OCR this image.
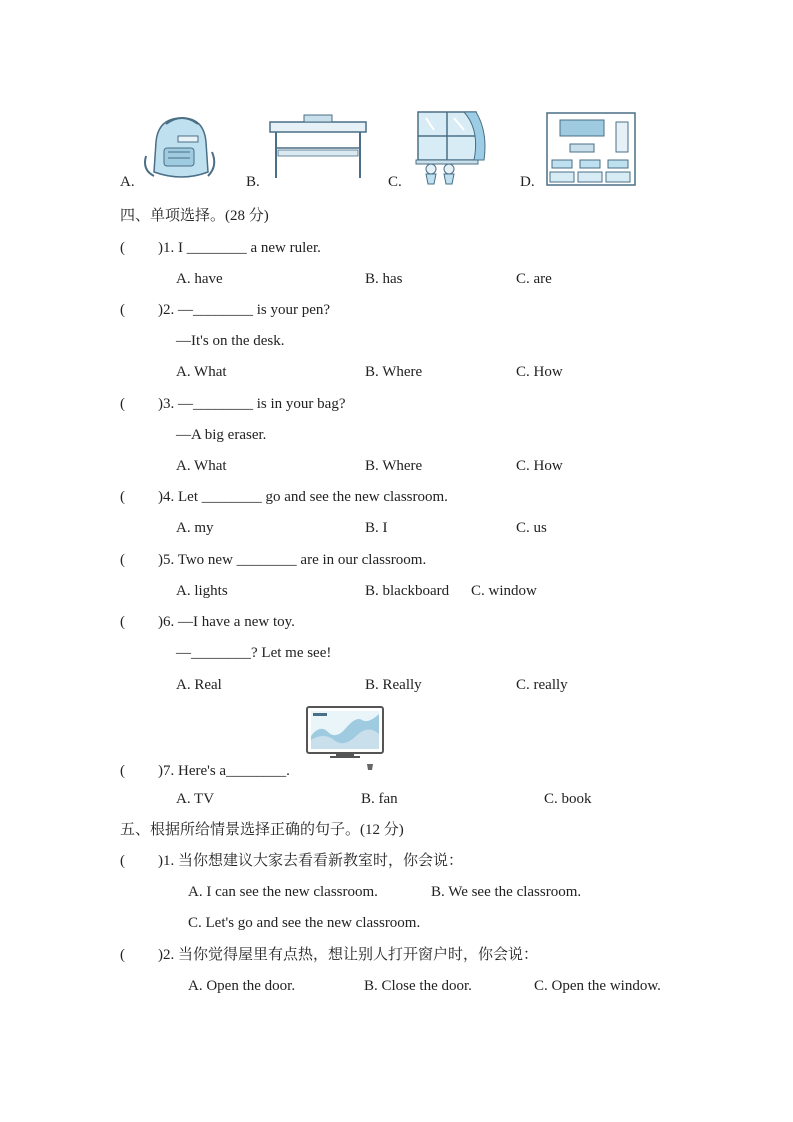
A.	B.	C.	D.
四、单项选择。(28 分)
( )1. I ________ a new ruler.
A. have	B. has	C. are
( )2. —________ is your pen?
—It's on the desk.
A. What	B. Where	C. How
( )3. —________ is in your bag?
—A big eraser.
A. What	B. Where	C. How
( )4. Let ________ go and see the new classroom.
A. my	B. I	C. us
( )5. Two new ________ are in our classroom.
A. lights	B. blackboard C. window
( )6. —I have a new toy.
—________? Let me see!
A. Real	B. Really	C. really
( )7. Here's a________.
A. TV	B. fan	C. book
五、根据所给情景选择正确的句子。(12 分)
( )1. 当你想建议大家去看看新教室时，你会说：
A. I can see the new classroom.	B. We see the classroom.
C. Let's go and see the new classroom.
( )2. 当你觉得屋里有点热，想让别人打开窗户时，你会说：
A. Open the door.	B. Close the door.	C. Open the window.
